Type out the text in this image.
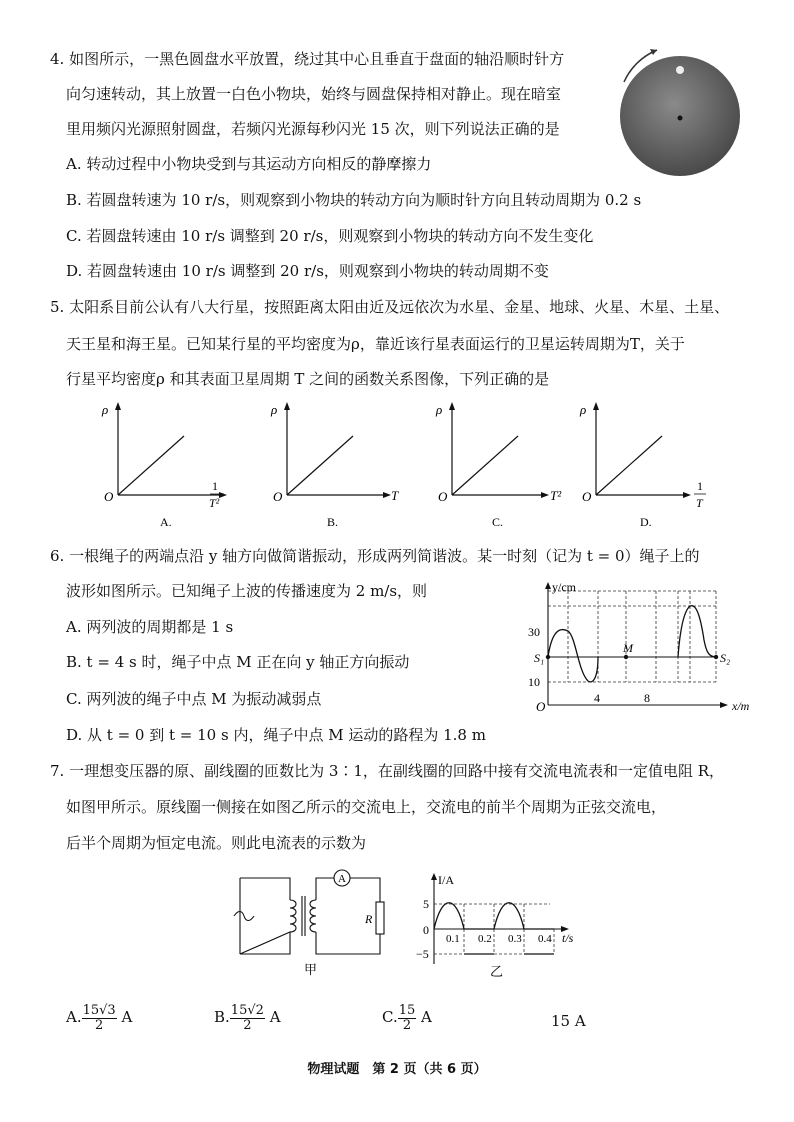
4. 如图所示，一黑色圆盘水平放置，绕过其中心且垂直于盘面的轴沿顺时针方
向匀速转动，其上放置一白色小物块，始终与圆盘保持相对静止。现在暗室
里用频闪光源照射圆盘，若频闪光源每秒闪光 15 次，则下列说法正确的是
A. 转动过程中小物块受到与其运动方向相反的静摩擦力
B. 若圆盘转速为 10 r/s，则观察到小物块的转动方向为顺时针方向且转动周期为 0.2 s
C. 若圆盘转速由 10 r/s 调整到 20 r/s，则观察到小物块的转动方向不发生变化
D. 若圆盘转速由 10 r/s 调整到 20 r/s，则观察到小物块的转动周期不变
5. 太阳系目前公认有八大行星，按照距离太阳由近及远依次为水星、金星、地球、火星、木星、土星、
天王星和海王星。已知某行星的平均密度为ρ，靠近该行星表面运行的卫星运转周期为T，关于
行星平均密度ρ 和其表面卫星周期 T 之间的函数关系图像，下列正确的是
ρ
O
1
T²
A.
ρ
O	T
B.
ρ
O	T²
C.
ρ
O
1
T
D.
6. 一根绳子的两端点沿 y 轴方向做简谐振动，形成两列简谐波。某一时刻（记为 t = 0）绳子上的
波形如图所示。已知绳子上波的传播速度为 2 m/s，则
A. 两列波的周期都是 1 s
B. t = 4 s 时，绳子中点 M 正在向 y 轴正方向振动
C. 两列波的绳子中点 M 为振动减弱点
D. 从 t = 0 到 t = 10 s 内，绳子中点 M 运动的路程为 1.8 m
y/cm
x/m
O
30
10
4	8
S₁	S₂
M
7. 一理想变压器的原、副线圈的匝数比为 3∶1，在副线圈的回路中接有交流电流表和一定值电阻 R，
如图甲所示。原线圈一侧接在如图乙所示的交流电上，交流电的前半个周期为正弦交流电，
后半个周期为恒定电流。则此电流表的示数为
A
R
甲
I/A
t/s
0
5
−5
0.1 0.2 0.3 0.4
乙
A. $\frac{15√3}{2}$ A	B. $\frac{15√2}{2}$ A	C. $\frac{15}{2}$ A	15 A
物理试题　第 2 页（共 6 页）
